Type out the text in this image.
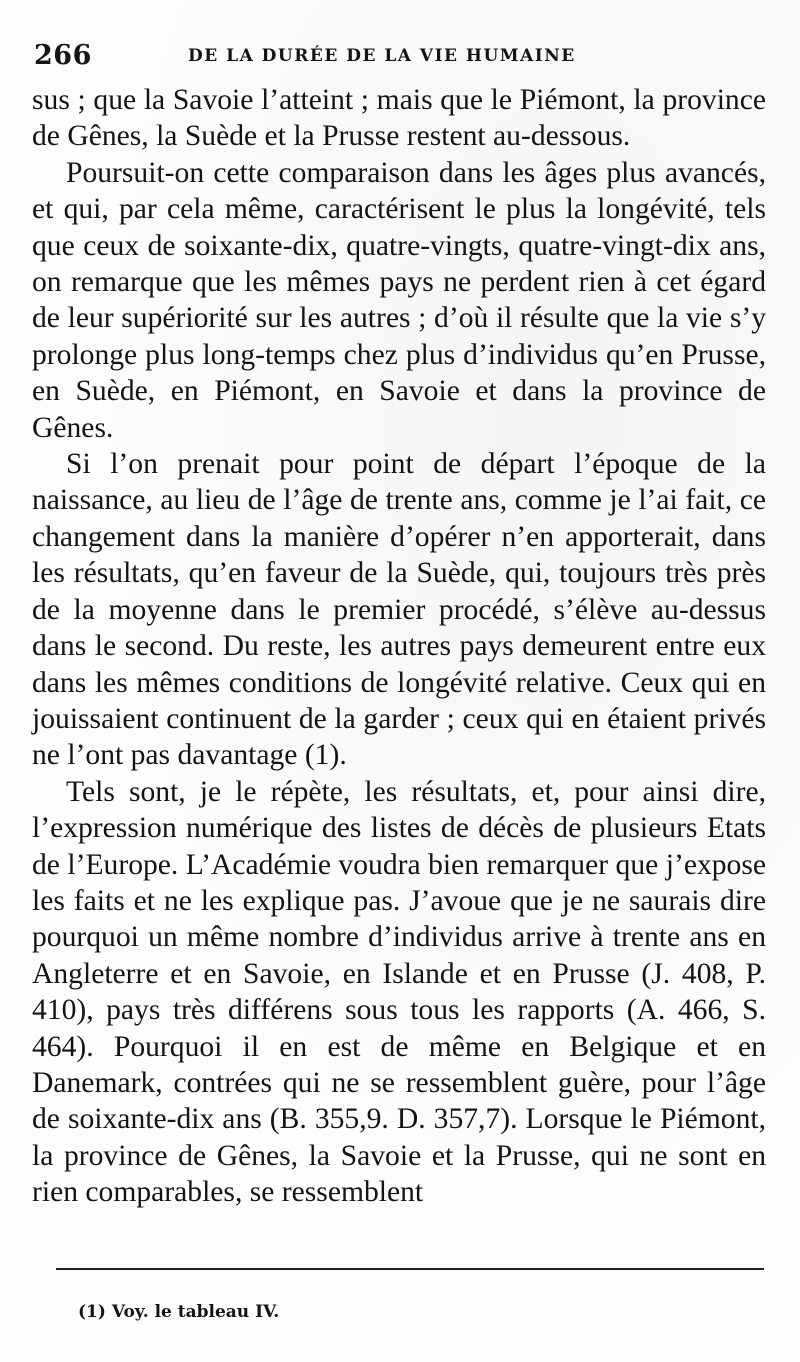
266	DE LA DURÉE DE LA VIE HUMAINE

sus ; que la Savoie l’atteint ; mais que le Piémont, la province de Gênes, la Suède et la Prusse restent au-dessous.

Poursuit-on cette comparaison dans les âges plus avancés, et qui, par cela même, caractérisent le plus la longévité, tels que ceux de soixante-dix, quatre-vingts, quatre-vingt-dix ans, on remarque que les mêmes pays ne perdent rien à cet égard de leur supériorité sur les autres ; d’où il résulte que la vie s’y prolonge plus long-temps chez plus d’individus qu’en Prusse, en Suède, en Piémont, en Savoie et dans la province de Gênes.

Si l’on prenait pour point de départ l’époque de la naissance, au lieu de l’âge de trente ans, comme je l’ai fait, ce changement dans la manière d’opérer n’en apporterait, dans les résultats, qu’en faveur de la Suède, qui, toujours très près de la moyenne dans le premier procédé, s’élève au-dessus dans le second. Du reste, les autres pays demeurent entre eux dans les mêmes conditions de longévité relative. Ceux qui en jouissaient continuent de la garder ; ceux qui en étaient privés ne l’ont pas davantage (1).

Tels sont, je le répète, les résultats, et, pour ainsi dire, l’expression numérique des listes de décès de plusieurs Etats de l’Europe. L’Académie voudra bien remarquer que j’expose les faits et ne les explique pas. J’avoue que je ne saurais dire pourquoi un même nombre d’individus arrive à trente ans en Angleterre et en Savoie, en Islande et en Prusse (J. 408, P. 410), pays très différens sous tous les rapports (A. 466, S. 464). Pourquoi il en est de même en Belgique et en Danemark, contrées qui ne se ressemblent guère, pour l’âge de soixante-dix ans (B. 355,9. D. 357,7). Lorsque le Piémont, la province de Gênes, la Savoie et la Prusse, qui ne sont en rien comparables, se ressemblent

(1) Voy. le tableau IV.
